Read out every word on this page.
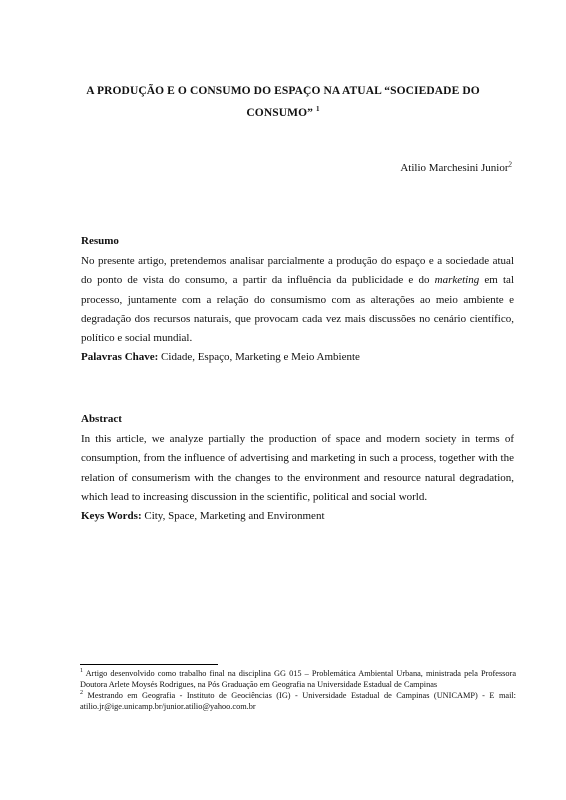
A PRODUÇÃO E O CONSUMO DO ESPAÇO NA ATUAL “SOCIEDADE DO CONSUMO” $^1$
Atilio Marchesini Junior$^2$
Resumo
No presente artigo, pretendemos analisar parcialmente a produção do espaço e a sociedade atual do ponto de vista do consumo, a partir da influência da publicidade e do marketing em tal processo, juntamente com a relação do consumismo com as alterações ao meio ambiente e degradação dos recursos naturais, que provocam cada vez mais discussões no cenário científico, político e social mundial.
Palavras Chave: Cidade, Espaço, Marketing e Meio Ambiente
Abstract
In this article, we analyze partially the production of space and modern society in terms of consumption, from the influence of advertising and marketing in such a process, together with the relation of consumerism with the changes to the environment and resource natural degradation, which lead to increasing discussion in the scientific, political and social world.
Keys Words: City, Space, Marketing and Environment
$^1$ Artigo desenvolvido como trabalho final na disciplina GG 015 – Problemática Ambiental Urbana, ministrada pela Professora Doutora Arlete Moysés Rodrigues, na Pós Graduação em Geografia na Universidade Estadual de Campinas
$^2$ Mestrando em Geografia - Instituto de Geociências (IG) - Universidade Estadual de Campinas (UNICAMP) - E mail: atilio.jr@ige.unicamp.br/junior.atilio@yahoo.com.br
